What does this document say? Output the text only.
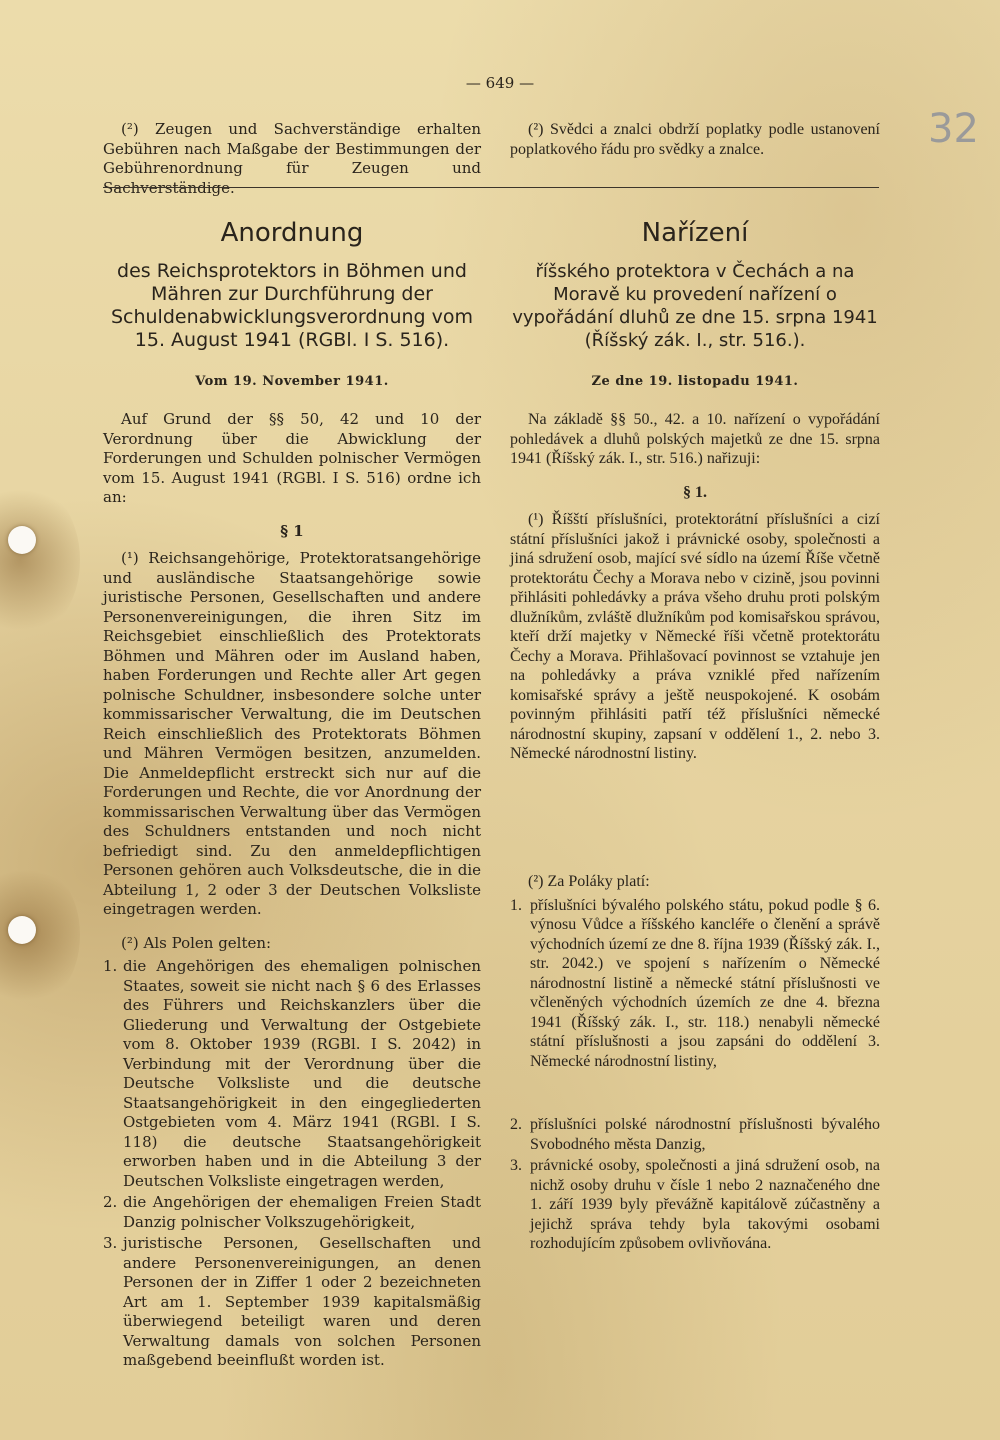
32
— 649 —

(²) Zeugen und Sachverständige erhalten Gebühren nach Maßgabe der Bestimmungen der Gebührenordnung für Zeugen und Sachverständige.

(²) Svědci a znalci obdrží poplatky podle ustanovení poplatkového řádu pro svědky a znalce.

Anordnung	Nařízení
des Reichsprotektors in Böhmen und Mähren zur Durchführung der Schuldenabwicklungsverordnung vom 15. August 1941 (RGBl. I S. 516).
říšského protektora v Čechách a na Moravě ku provedení nařízení o vypořádání dluhů ze dne 15. srpna 1941 (Říšský zák. I., str. 516.).
Vom 19. November 1941.	Ze dne 19. listopadu 1941.

Auf Grund der §§ 50, 42 und 10 der Verordnung über die Abwicklung der Forderungen und Schulden polnischer Vermögen vom 15. August 1941 (RGBl. I S. 516) ordne ich an:

§ 1

(¹) Reichsangehörige, Protektoratsangehörige und ausländische Staatsangehörige sowie juristische Personen, Gesellschaften und andere Personenvereinigungen, die ihren Sitz im Reichsgebiet einschließlich des Protektorats Böhmen und Mähren oder im Ausland haben, haben Forderungen und Rechte aller Art gegen polnische Schuldner, insbesondere solche unter kommissarischer Verwaltung, die im Deutschen Reich einschließlich des Protektorats Böhmen und Mähren Vermögen besitzen, anzumelden. Die Anmeldepflicht erstreckt sich nur auf die Forderungen und Rechte, die vor Anordnung der kommissarischen Verwaltung über das Vermögen des Schuldners entstanden und noch nicht befriedigt sind. Zu den anmeldepflichtigen Personen gehören auch Volksdeutsche, die in die Abteilung 1, 2 oder 3 der Deutschen Volksliste eingetragen werden.

(²) Als Polen gelten:

1. die Angehörigen des ehemaligen polnischen Staates, soweit sie nicht nach § 6 des Erlasses des Führers und Reichskanzlers über die Gliederung und Verwaltung der Ostgebiete vom 8. Oktober 1939 (RGBl. I S. 2042) in Verbindung mit der Verordnung über die Deutsche Volksliste und die deutsche Staatsangehörigkeit in den eingegliederten Ostgebieten vom 4. März 1941 (RGBl. I S. 118) die deutsche Staatsangehörigkeit erworben haben und in die Abteilung 3 der Deutschen Volksliste eingetragen werden,
2. die Angehörigen der ehemaligen Freien Stadt Danzig polnischer Volkszugehörigkeit,
3. juristische Personen, Gesellschaften und andere Personenvereinigungen, an denen Personen der in Ziffer 1 oder 2 bezeichneten Art am 1. September 1939 kapitalsmäßig überwiegend beteiligt waren und deren Verwaltung damals von solchen Personen maßgebend beeinflußt worden ist.

Na základě §§ 50., 42. a 10. nařízení o vypořádání pohledávek a dluhů polských majetků ze dne 15. srpna 1941 (Říšský zák. I., str. 516.) nařizuji:

§ 1.

(¹) Říšští příslušníci, protektorátní příslušníci a cizí státní příslušníci jakož i právnické osoby, společnosti a jiná sdružení osob, mající své sídlo na území Říše včetně protektorátu Čechy a Morava nebo v cizině, jsou povinni přihlásiti pohledávky a práva všeho druhu proti polským dlužníkům, zvláště dlužníkům pod komisařskou správou, kteří drží majetky v Německé říši včetně protektorátu Čechy a Morava. Přihlašovací povinnost se vztahuje jen na pohledávky a práva vzniklé před nařízením komisařské správy a ještě neuspokojené. K osobám povinným přihlásiti patří též příslušníci německé národnostní skupiny, zapsaní v oddělení 1., 2. nebo 3. Německé národnostní listiny.

(²) Za Poláky platí:

1. příslušníci bývalého polského státu, pokud podle § 6. výnosu Vůdce a říšského kancléře o členění a správě východních území ze dne 8. října 1939 (Říšský zák. I., str. 2042.) ve spojení s nařízením o Německé národnostní listině a německé státní příslušnosti ve včleněných východních územích ze dne 4. března 1941 (Říšský zák. I., str. 118.) nenabyli německé státní příslušnosti a jsou zapsáni do oddělení 3. Německé národnostní listiny,
2. příslušníci polské národnostní příslušnosti bývalého Svobodného města Danzig,
3. právnické osoby, společnosti a jiná sdružení osob, na nichž osoby druhu v čísle 1 nebo 2 naznačeného dne 1. září 1939 byly převážně kapitálově zúčastněny a jejichž správa tehdy byla takovými osobami rozhodujícím způsobem ovlivňována.
